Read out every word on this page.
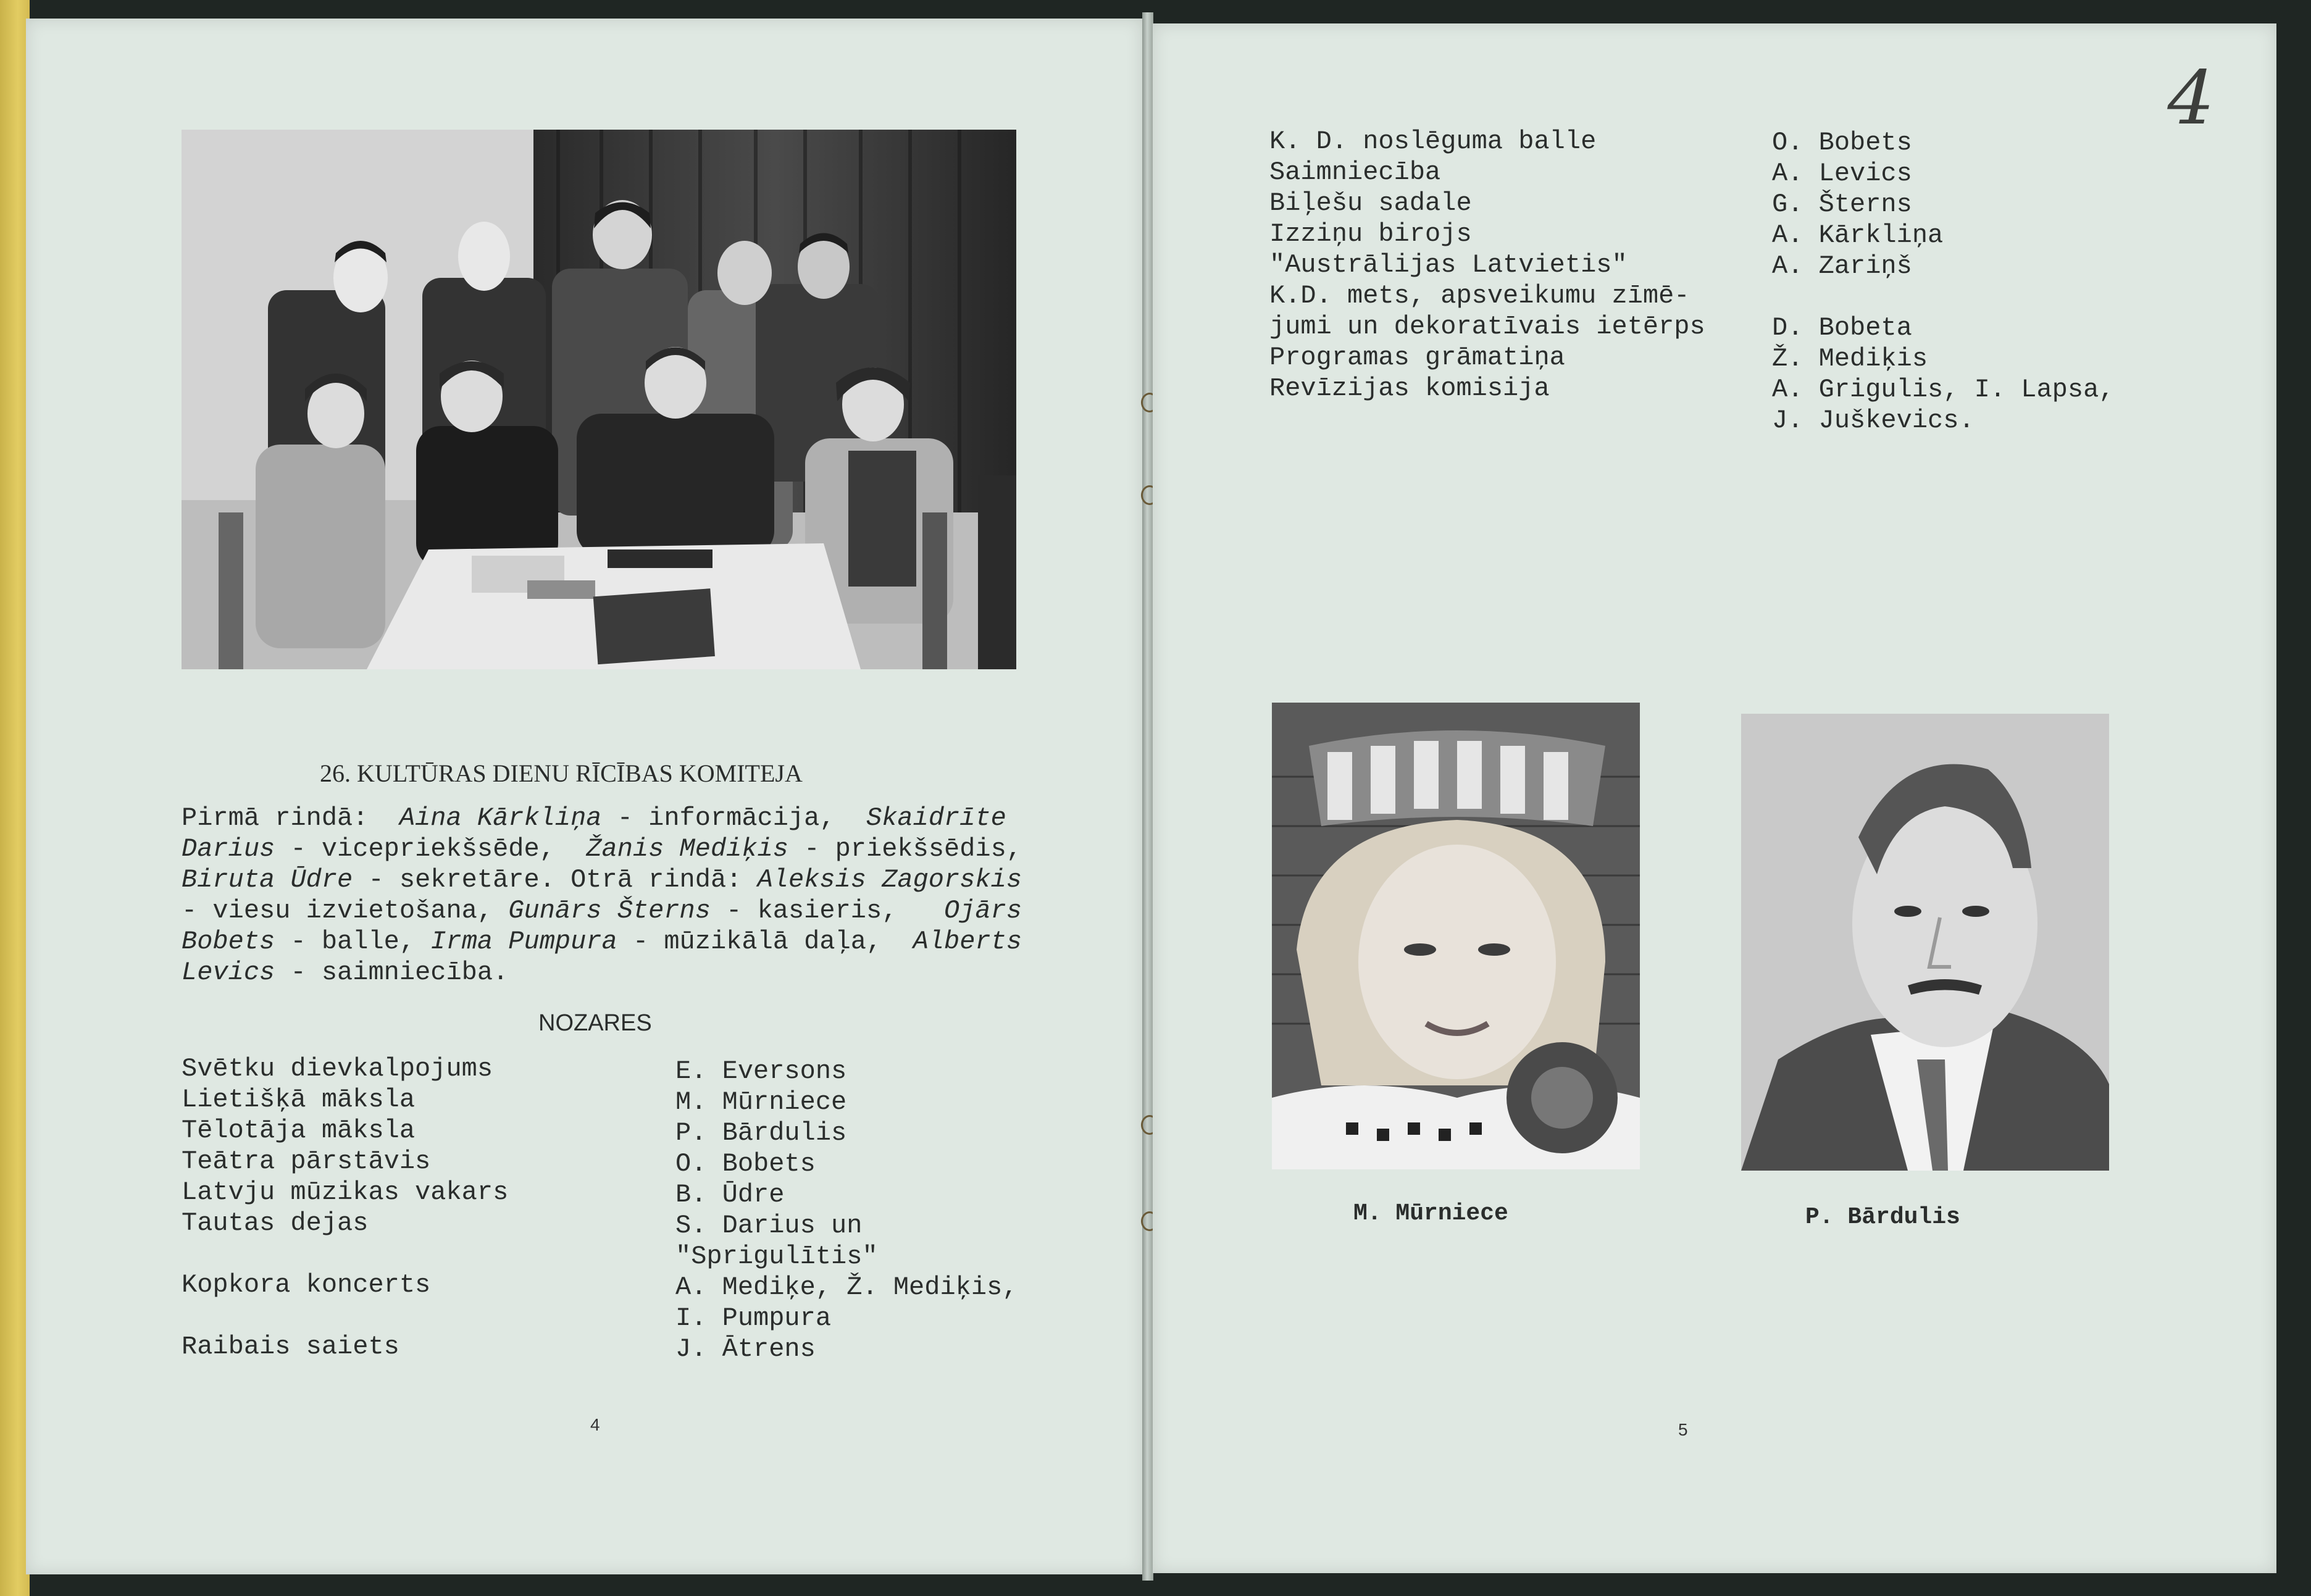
26. KULTŪRAS DIENU RĪCĪBAS KOMITEJA
Pirmā rindā:  Aina Kārkliņa - informācija,  Skaidrīte
Darius - vicepriekšsēde,  Žanis Mediķis - priekšsēdis,
Biruta Ūdre - sekretāre. Otrā rindā: Aleksis Zagorskis
- viesu izvietošana, Gunārs Šterns - kasieris,   Ojārs
Bobets - balle, Irma Pumpura - mūzikālā daļa,  Alberts
Levics - saimniecība.
NOZARES
Svētku dievkalpojums
Lietišķā māksla
Tēlotāja māksla
Teātra pārstāvis
Latvju mūzikas vakars
Tautas dejas

Kopkora koncerts

Raibais saiets
E. Eversons
M. Mūrniece
P. Bārdulis
O. Bobets
B. Ūdre
S. Darius un
"Sprigulītis"
A. Mediķe, Ž. Mediķis,
I. Pumpura
J. Ātrens
4
4
K. D. noslēguma balle
Saimniecība
Biļešu sadale
Izziņu birojs
"Austrālijas Latvietis"
K.D. mets, apsveikumu zīmē-
jumi un dekoratīvais ietērps
Programas grāmatiņa
Revīzijas komisija
O. Bobets
A. Levics
G. Šterns
A. Kārkliņa
A. Zariņš

D. Bobeta
Ž. Mediķis
A. Grigulis, I. Lapsa,
J. Juškevics.
M. Mūrniece	P. Bārdulis
5
